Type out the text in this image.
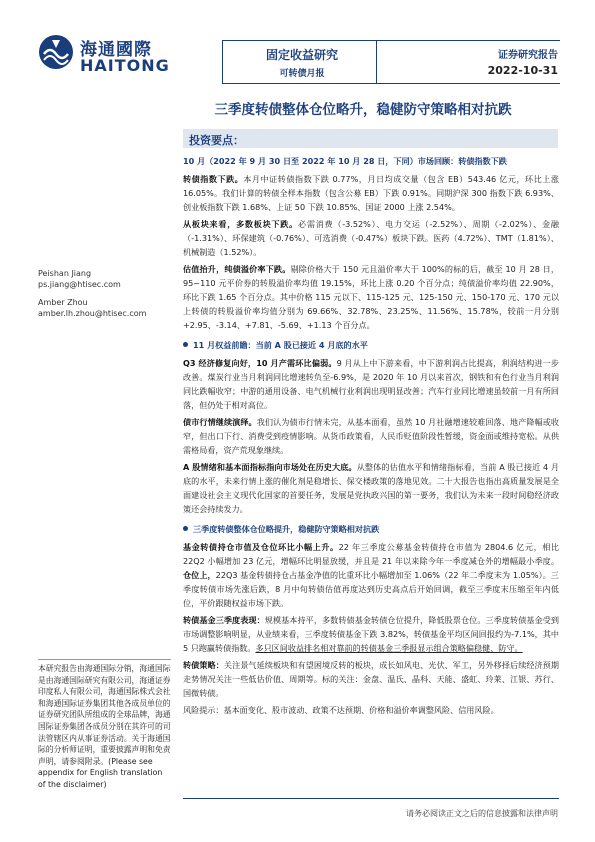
海通國際
HAITONG
固定收益研究
可转债月报
证券研究报告
2022-10-31
三季度转债整体仓位略升，稳健防守策略相对抗跌
投资要点：
Peishan Jiang
ps.jiang@htisec.com
Amber Zhou
amber.lh.zhou@htisec.com
10 月（2022 年 9 月 30 日至 2022 年 10 月 28 日，下同）市场回顾：转债指数下跌

转债指数下跌。本月中证转债指数下跌 0.77%，月日均成交量（包含 EB）543.46 亿元，环比上涨 16.05%。我们计算的转债全样本指数（包含公募 EB）下跌 0.91%。同期沪深 300 指数下跌 6.93%、创业板指数下跌 1.68%、上证 50 下跌 10.85%、国证 2000 上涨 2.54%。

从板块来看，多数板块下跌。必需消费（-3.52%）、电力交运（-2.52%）、周期（-2.02%）、金融（-1.31%）、环保建筑（-0.76%）、可选消费（-0.47%）板块下跌。医药（4.72%）、TMT（1.81%）、机械制造（1.52%）。

估值抬升，纯债溢价率下跌。剔除价格大于 150 元且溢价率大于 100%的标的后，截至 10 月 28 日，95~110 元平价券的转股溢价率均值 19.15%，环比上涨 0.20 个百分点；纯债溢价率均值 22.90%，环比下跌 1.65 个百分点。其中价格 115 元以下、115-125 元、125-150 元、150-170 元、170 元以上转债的转股溢价率均值分别为 69.66%、32.78%、23.25%、11.56%、15.78%，较前一月分别+2.95、-3.14、+7.81、-5.69、+1.13 个百分点。

11 月权益前瞻：当前 A 股已接近 4 月底的水平

Q3 经济修复向好，10 月产需环比偏弱。9 月从上中下游来看，中下游利润占比提高，利润结构进一步改善。煤炭行业当月利润同比增速转负至-6.9%，是 2020 年 10 月以来首次，钢铁和有色行业当月利润同比跌幅收窄；中游的通用设备、电气机械行业利润出现明显改善；汽车行业同比增速虽较前一月有所回落，但仍处于相对高位。

债市行情继续演绎。我们认为债市行情未完，从基本面看，虽然 10 月社融增速较难回落、地产降幅或收窄，但出口下行、消费受到疫情影响。从货币政策看，人民币贬值阶段性暂缓，资金面或维持宽松。从供需格局看，资产荒现象继续。

A 股情绪和基本面指标指向市场处在历史大底。从整体的估值水平和情绪指标看，当前 A 股已接近 4 月底的水平，未来行情上涨的催化剂是稳增长、保交楼政策的落地见效。二十大报告也指出高质量发展是全面建设社会主义现代化国家的首要任务，发展是党执政兴国的第一要务，我们认为未来一段时间稳经济政策还会持续发力。

三季度转债整体仓位略提升，稳健防守策略相对抗跌

基金转债持仓市值及仓位环比小幅上升。22 年三季度公募基金转债持仓市值为 2804.6 亿元，相比 22Q2 小幅增加 23 亿元，增幅环比明显放缓，并且是 21 年以来除今年一季度减仓外的增幅最小季度。仓位上，22Q3 基金转债持仓占基金净值的比重环比小幅增加至 1.06%（22 年二季度末为 1.05%）。三季度转债市场先涨后跌，8 月中旬转债估值再度达到历史高点后开始回调，截至三季度末压缩至年内低位，平价跟随权益市场下跌。

转债基金三季度表现：规模基本持平，多数转债基金转债仓位提升，降低股票仓位。三季度转债基金受到市场调整影响明显，从业绩来看，三季度转债基金下跌 3.82%，转债基金平均区间回报约为-7.1%，其中 5 只跑赢转债指数。多只区间收益排名相对靠前的转债基金三季报显示组合策略偏稳健、防守。

转债策略：关注景气延续板块和有望困境反转的板块，成长如风电、光伏、军工，另外移择后续经济预期走势情况关注一些低估价值、周期等。标的关注：金盘、温氏、晶科、天能、盛虹、玲莱、江银、苏行、国微转债。

风险提示：基本面变化、股市波动、政策不达预期、价格和溢价率调整风险、信用风险。

本研究报告由海通国际分销，海通国际是由海通国际研究有限公司，海通证券印度私人有限公司，海通国际株式会社和海通国际证券集团其他各成员单位的证券研究团队所组成的全球品牌，海通国际证券集团各成员分别在其许可的司法管辖区内从事证券活动。关于海通国际的分析师证明，重要披露声明和免责声明，请参阅附录。(Please see appendix for English translation of the disclaimer)
请务必阅读正文之后的信息披露和法律声明
